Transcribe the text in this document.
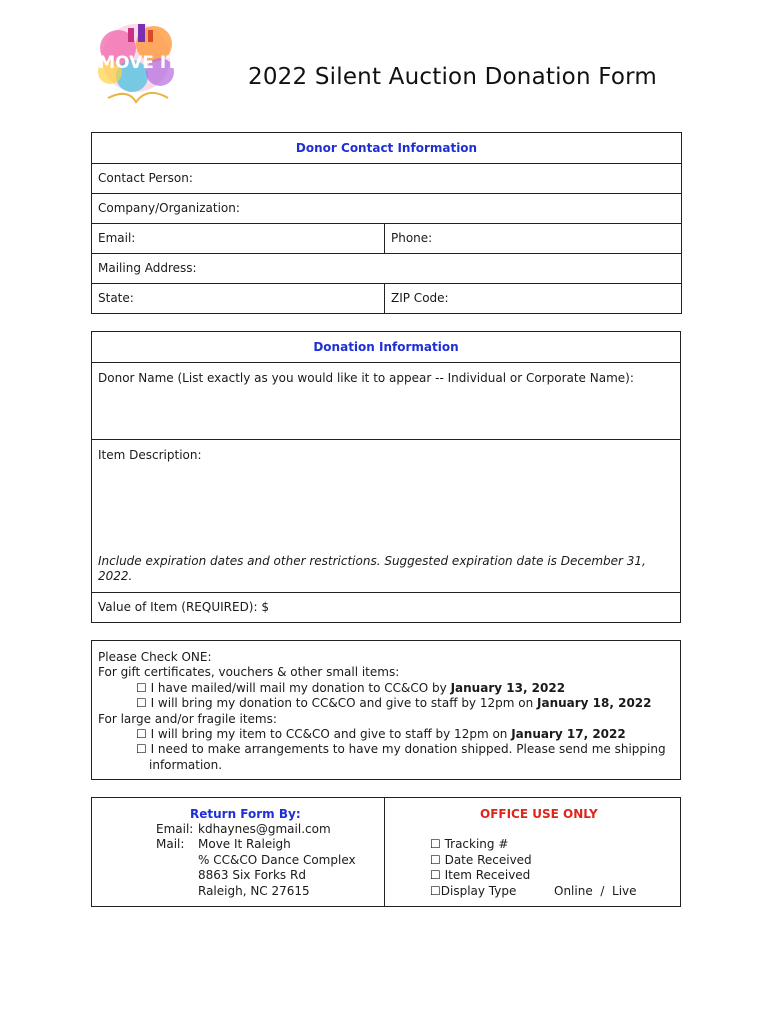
MOVE IT
2022 Silent Auction Donation Form
Donor Contact Information	
Contact Person:	
Company/Organization:	
Email:	Phone:
Mailing Address:	
State:	ZIP Code:
Donation Information
Donor Name (List exactly as you would like it to appear -- Individual or Corporate Name):

Item Description:
Include expiration dates and other restrictions. Suggested expiration date is December 31, 2022.

Value of Item (REQUIRED): $
Please Check ONE:
For gift certificates, vouchers & other small items:
☐ I have mailed/will mail my donation to CC&CO by January 13, 2022
☐ I will bring my donation to CC&CO and give to staff by 12pm on January 18, 2022
For large and/or fragile items:
☐ I will bring my item to CC&CO and give to staff by 12pm on January 17, 2022
☐ I need to make arrangements to have my donation shipped. Please send me shipping
information.
Return Form By:
Email: kdhaynes@gmail.com
Mail: Move It Raleigh
% CC&CO Dance Complex
8863 Six Forks Rd
Raleigh, NC 27615
OFFICE USE ONLY
☐ Tracking #
☐ Date Received
☐ Item Received
☐Display Type	Online  /  Live
